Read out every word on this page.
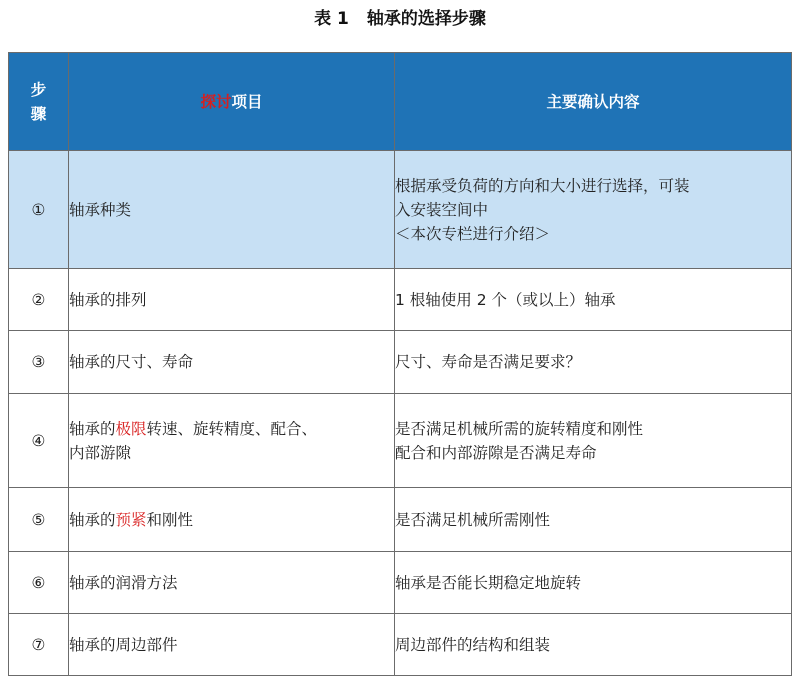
表 1 轴承的选择步骤
步
骤	探讨项目	主要确认内容
①	轴承种类	根据承受负荷的方向和大小进行选择，可装
入安装空间中
＜本次专栏进行介绍＞

②	轴承的排列	1 根轴使用 2 个（或以上）轴承

③	轴承的尺寸、寿命	尺寸、寿命是否满足要求？

④	轴承的极限转速、旋转精度、配合、
内部游隙	是否满足机械所需的旋转精度和刚性
配合和内部游隙是否满足寿命

⑤	轴承的预紧和刚性	是否满足机械所需刚性

⑥	轴承的润滑方法	轴承是否能长期稳定地旋转

⑦	轴承的周边部件	周边部件的结构和组装
